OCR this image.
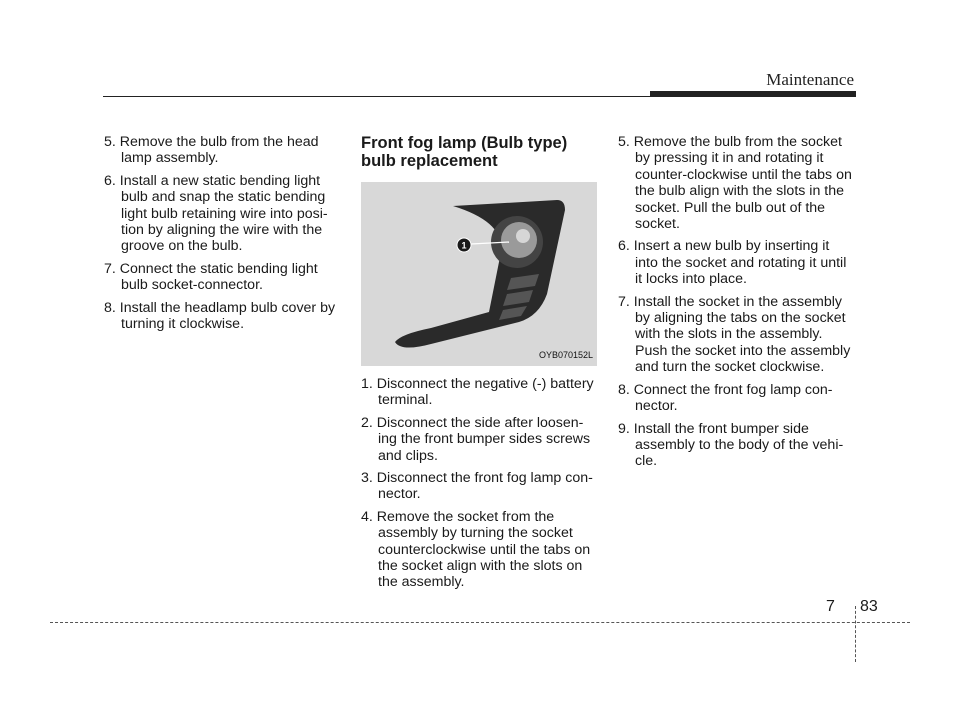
Maintenance
5. Remove the bulb from the head lamp assembly.
6. Install a new static bending light bulb and snap the static bending light bulb retaining wire into posi- tion by aligning the wire with the groove on the bulb.
7. Connect the static bending light bulb socket-connector.
8. Install the headlamp bulb cover by turning it clockwise.
Front fog lamp (Bulb type) bulb replacement
1
OYB070152L
1. Disconnect the negative (-) battery terminal.
2. Disconnect the side after loosen- ing the front bumper sides screws and clips.
3. Disconnect the front fog lamp con- nector.
4. Remove the socket from the assembly by turning the socket counterclockwise until the tabs on the socket align with the slots on the assembly.
5. Remove the bulb from the socket by pressing it in and rotating it counter-clockwise until the tabs on the bulb align with the slots in the socket. Pull the bulb out of the socket.
6. Insert a new bulb by inserting it into the socket and rotating it until it locks into place.
7. Install the socket in the assembly by aligning the tabs on the socket with the slots in the assembly. Push the socket into the assembly and turn the socket clockwise.
8. Connect the front fog lamp con- nector.
9. Install the front bumper side assembly to the body of the vehi- cle.
7 83
